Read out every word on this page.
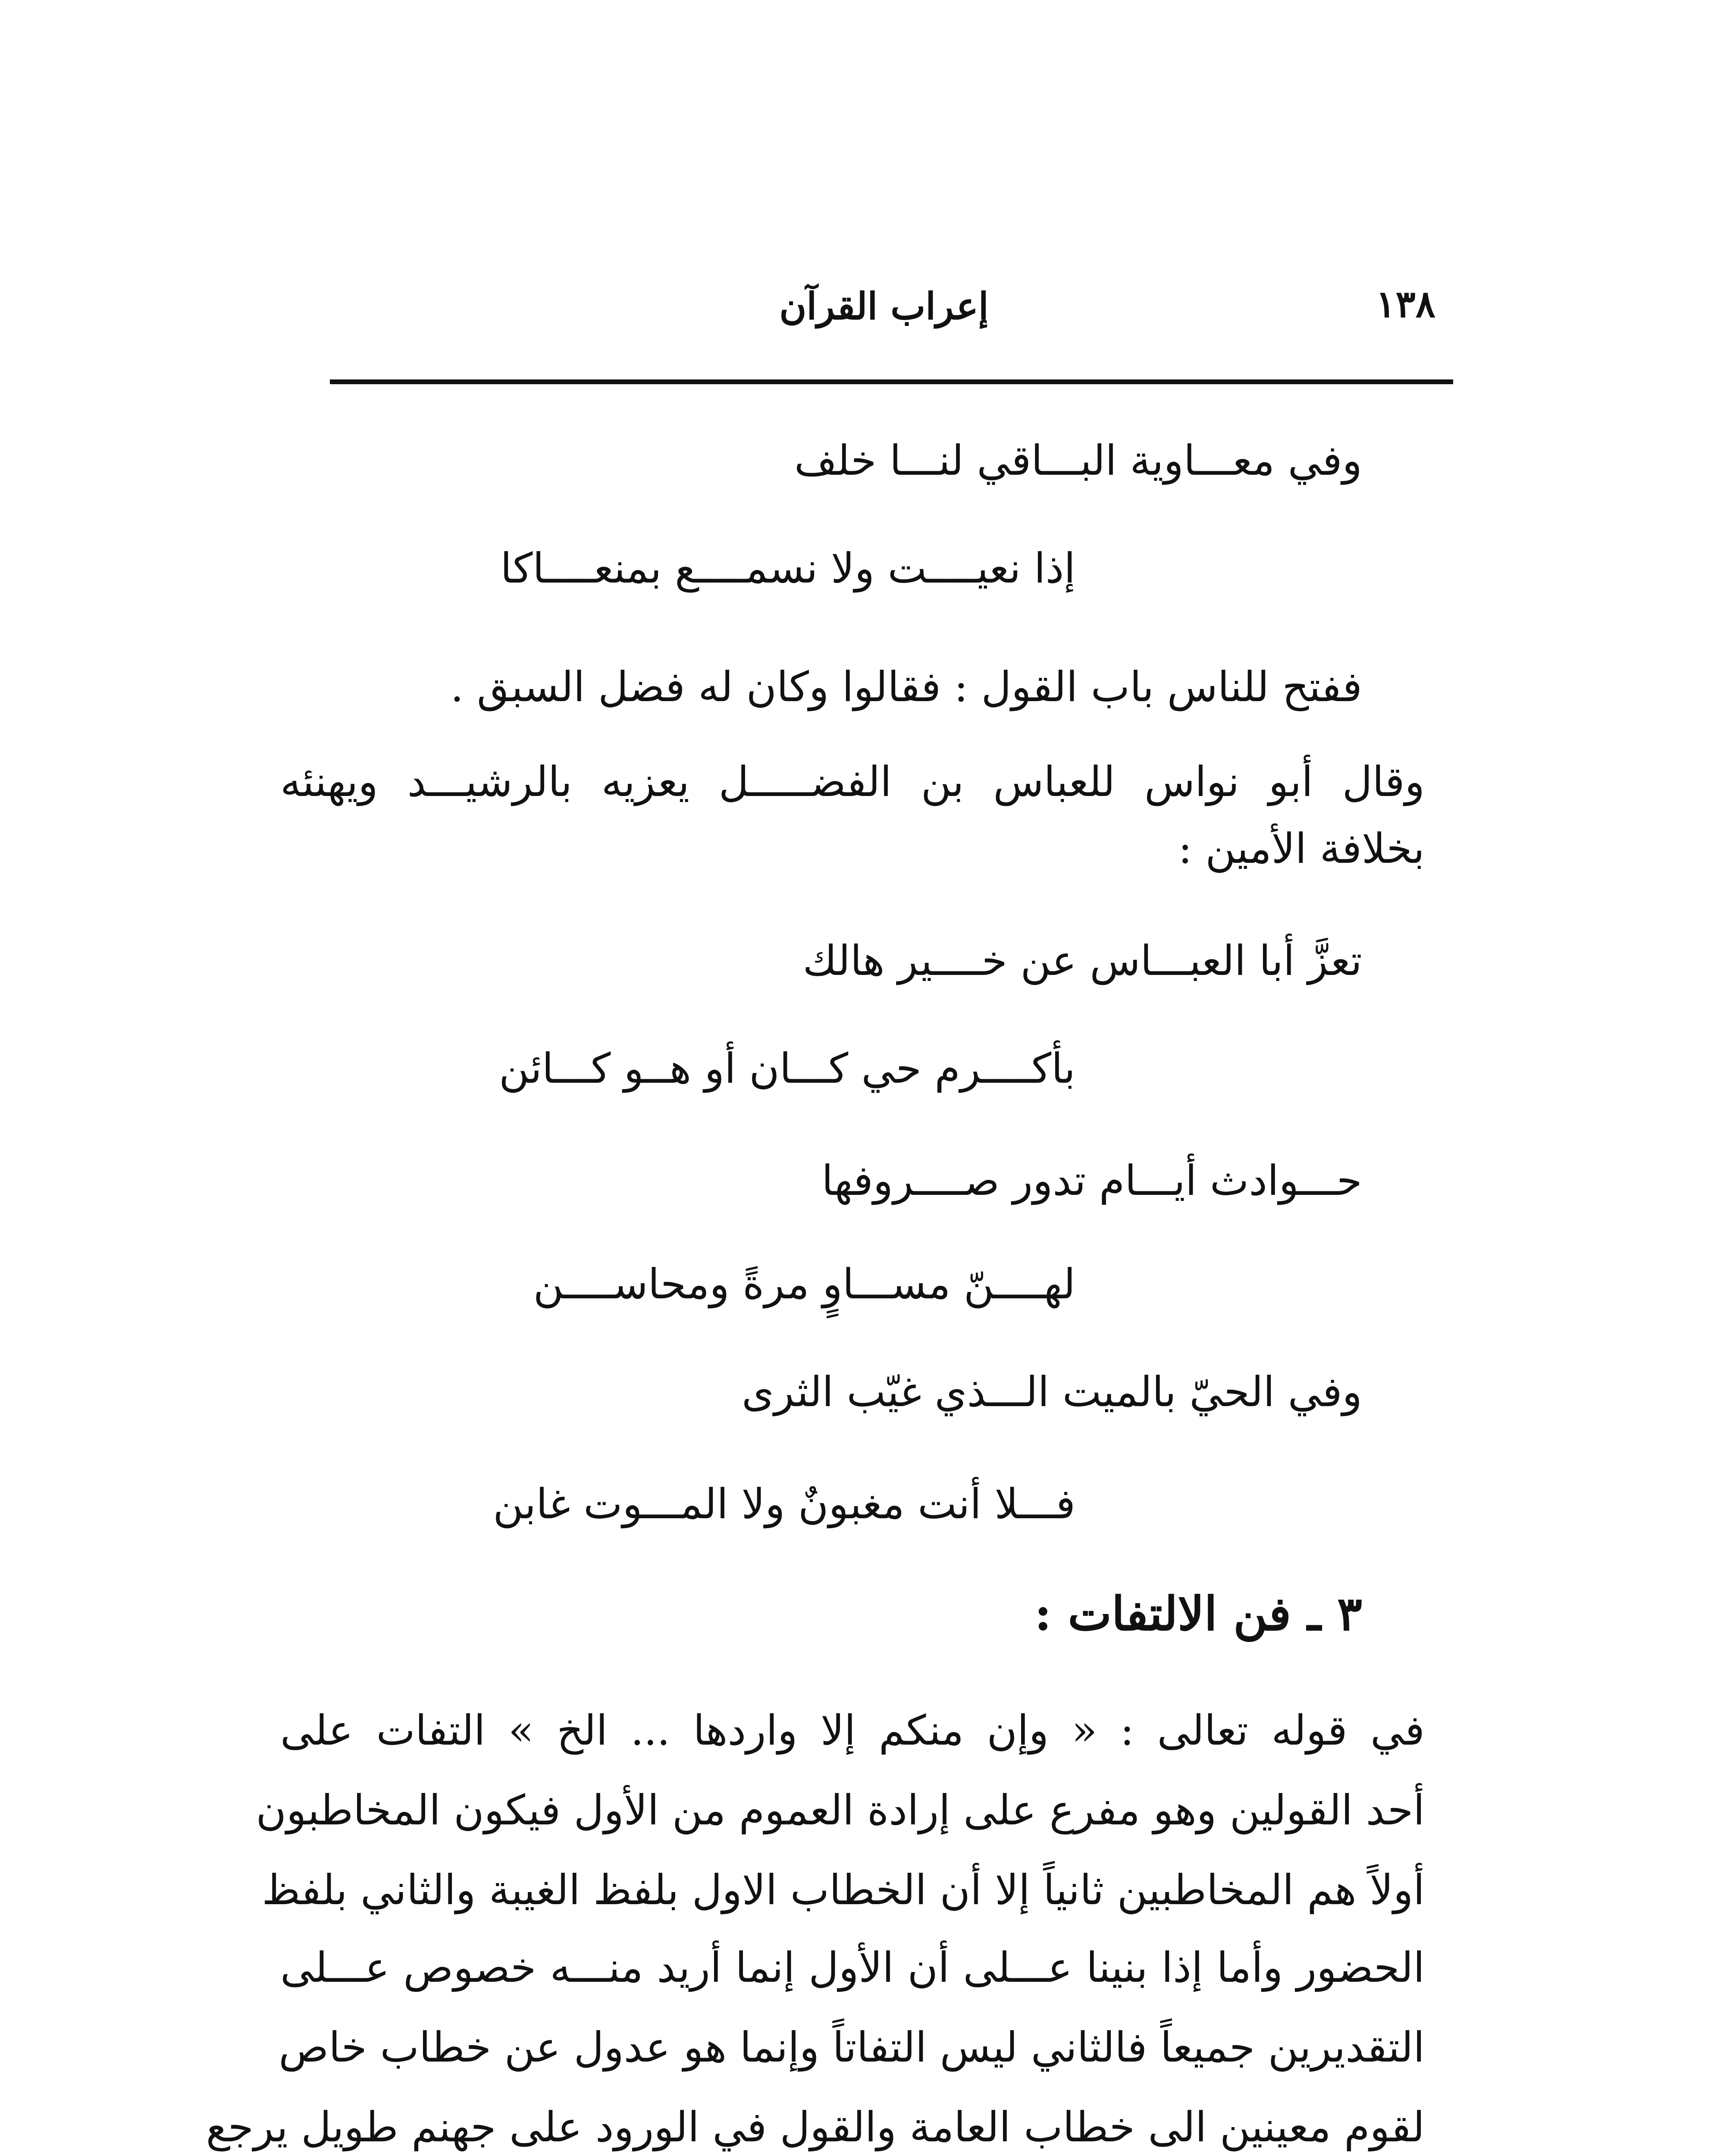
١٣٨
إعراب القرآن
وفي معـــاوية البـــاقي لنـــا خلف
إذا نعيــــت ولا نسمــــع بمنعــــاكا
ففتح للناس باب القول : فقالوا وكان له فضل السبق .
وقال أبو نواس للعباس بن الفضـــــل يعزيه بالرشيـــد ويهنئه
بخلافة الأمين :
تعزَّ أبا العبـــاس عن خــــير هالك
بأكــــرم حي كـــان أو هــو كـــائن
حـــوادث أيـــام تدور صــــروفها
لهــــنّ مســـاوٍ مرةً ومحاســــن
وفي الحيّ بالميت الـــذي غيّب الثرى
فـــلا أنت مغبونٌ ولا المـــوت غابن
٣ ـ فن الالتفات :
في قوله تعالى : « وإن منكم إلا واردها ... الخ » التفات على
أحد القولين وهو مفرع على إرادة العموم من الأول فيكون المخاطبون
أولاً هم المخاطبين ثانياً إلا أن الخطاب الاول بلفظ الغيبة والثاني بلفظ
الحضور وأما إذا بنينا عـــلى أن الأول إنما أريد منـــه خصوص عـــلى
التقديرين جميعاً فالثاني ليس التفاتاً وإنما هو عدول عن خطاب خاص
لقوم معينين الى خطاب العامة والقول في الورود على جهنم طويل يرجع
